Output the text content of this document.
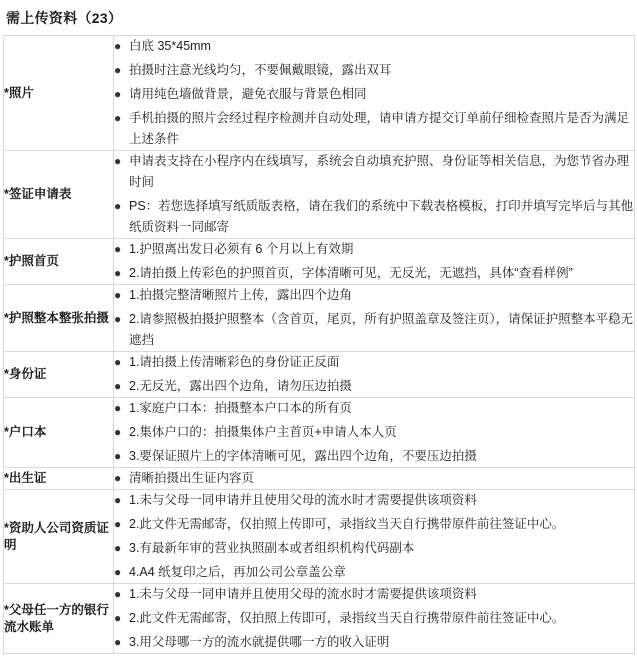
需上传资料（23）
*照片	
● 白底 35*45mm
● 拍摄时注意光线均匀，不要佩戴眼镜，露出双耳
● 请用纯色墙做背景，避免衣服与背景色相同
● 手机拍摄的照片会经过程序检测并自动处理，请申请方提交订单前仔细检查照片是否为满足上述条件

*签证申请表	
● 申请表支持在小程序内在线填写，系统会自动填充护照、身份证等相关信息，为您节省办理时间
● PS：若您选择填写纸质版表格，请在我们的系统中下载表格模板，打印并填写完毕后与其他纸质资料一同邮寄

*护照首页	
● 1.护照离出发日必须有 6 个月以上有效期
● 2.请拍摄上传彩色的护照首页，字体清晰可见，无反光，无遮挡，具体“查看样例”

*护照整本整张拍摄	
● 1.拍摄完整清晰照片上传，露出四个边角
● 2.请参照极拍摄护照整本（含首页，尾页，所有护照盖章及签注页），请保证护照整本平稳无遮挡

*身份证	
● 1.请拍摄上传清晰彩色的身份证正反面
● 2.无反光，露出四个边角，请勿压边拍摄

*户口本	
● 1.家庭户口本：拍摄整本户口本的所有页
● 2.集体户口的：拍摄集体户主首页+申请人本人页
● 3.要保证照片上的字体清晰可见，露出四个边角，不要压边拍摄

*出生证	● 清晰拍摄出生证内容页

*资助人公司资质证明	
● 1.未与父母一同申请并且使用父母的流水时才需要提供该项资料
● 2.此文件无需邮寄，仅拍照上传即可，录指纹当天自行携带原件前往签证中心。
● 3.有最新年审的营业执照副本或者组织机构代码副本
● 4.A4 纸复印之后，再加公司公章盖公章

*父母任一方的银行流水账单	
● 1.未与父母一同申请并且使用父母的流水时才需要提供该项资料
● 2.此文件无需邮寄，仅拍照上传即可，录指纹当天自行携带原件前往签证中心。
● 3.用父母哪一方的流水就提供哪一方的收入证明
